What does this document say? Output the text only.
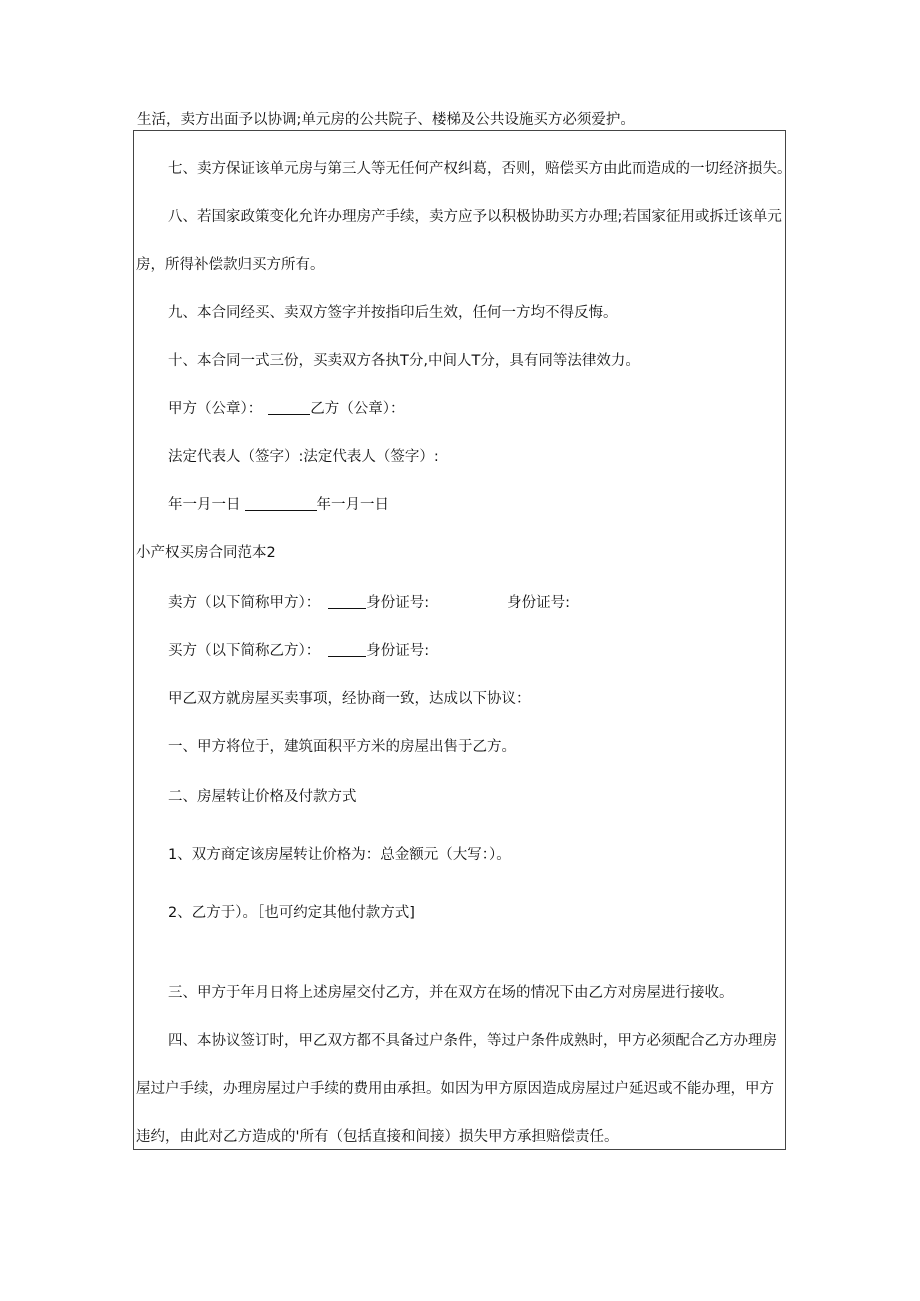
生活，卖方出面予以协调;单元房的公共院子、楼梯及公共设施买方必须爱护。
七、卖方保证该单元房与第三人等无任何产权纠葛，否则，赔偿买方由此而造成的一切经济损失。
八、若国家政策变化允许办理房产手续，卖方应予以积极协助买方办理;若国家征用或拆迁该单元
房，所得补偿款归买方所有。
九、本合同经买、卖双方签字并按指印后生效，任何一方均不得反悔。
十、本合同一式三份，买卖双方各执T分,中间人T分，具有同等法律效力。
甲方（公章）：	乙方（公章）：
法定代表人（签字）:法定代表人（签字）:
年一月一日	年一月一日
小产权买房合同范本2
卖方（以下简称甲方）：	身份证号:	身份证号:
买方（以下简称乙方）：	身份证号:
甲乙双方就房屋买卖事项，经协商一致，达成以下协议：
一、甲方将位于，建筑面积平方米的房屋出售于乙方。
二、房屋转让价格及付款方式
1、双方商定该房屋转让价格为：总金额元（大写：）。
2、乙方于）。［也可约定其他付款方式]
三、甲方于年月日将上述房屋交付乙方，并在双方在场的情况下由乙方对房屋进行接收。
四、本协议签订时，甲乙双方都不具备过户条件，等过户条件成熟时，甲方必须配合乙方办理房
屋过户手续，办理房屋过户手续的费用由承担。如因为甲方原因造成房屋过户延迟或不能办理，甲方
违约，由此对乙方造成的'所有（包括直接和间接）损失甲方承担赔偿责任。
